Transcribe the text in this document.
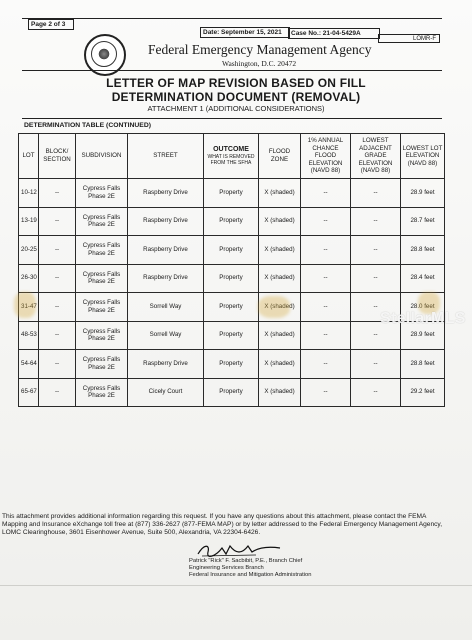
Page 2 of 3
Date: September 15, 2021	Case No.: 21-04-5429A
LOMR-F
Federal Emergency Management Agency
Washington, D.C. 20472
LETTER OF MAP REVISION BASED ON FILL
DETERMINATION DOCUMENT (REMOVAL)
ATTACHMENT 1 (ADDITIONAL CONSIDERATIONS)
DETERMINATION TABLE (CONTINUED)
LOT	BLOCK/ SECTION	SUBDIVISION	STREET	OUTCOME
WHAT IS REMOVED FROM THE SFHA	FLOOD ZONE	1% ANNUAL CHANCE FLOOD ELEVATION (NAVD 88)	LOWEST ADJACENT GRADE ELEVATION (NAVD 88)	LOWEST LOT ELEVATION (NAVD 88)
10-12	--	Cypress Falls Phase 2E	Raspberry Drive	Property	X (shaded)	--	--	28.9 feet
13-19	--	Cypress Falls Phase 2E	Raspberry Drive	Property	X (shaded)	--	--	28.7 feet
20-25	--	Cypress Falls Phase 2E	Raspberry Drive	Property	X (shaded)	--	--	28.8 feet
26-30	--	Cypress Falls Phase 2E	Raspberry Drive	Property	X (shaded)	--	--	28.4 feet
31-47	--	Cypress Falls Phase 2E	Sorrell Way	Property	X (shaded)	--	--	28.0 feet
48-53	--	Cypress Falls Phase 2E	Sorrell Way	Property	X (shaded)	--	--	28.9 feet
54-64	--	Cypress Falls Phase 2E	Raspberry Drive	Property	X (shaded)	--	--	28.8 feet
65-67	--	Cypress Falls Phase 2E	Cicely Court	Property	X (shaded)	--	--	29.2 feet
StellarMLS
This attachment provides additional information regarding this request. If you have any questions about this attachment, please contact the FEMA Mapping and Insurance eXchange toll free at (877) 336-2627 (877-FEMA MAP) or by letter addressed to the Federal Emergency Management Agency, LOMC Clearinghouse, 3601 Eisenhower Avenue, Suite 500, Alexandria, VA 22304-6426.
Patrick "Rick" F. Sacbibit, P.E., Branch Chief
Engineering Services Branch
Federal Insurance and Mitigation Administration
